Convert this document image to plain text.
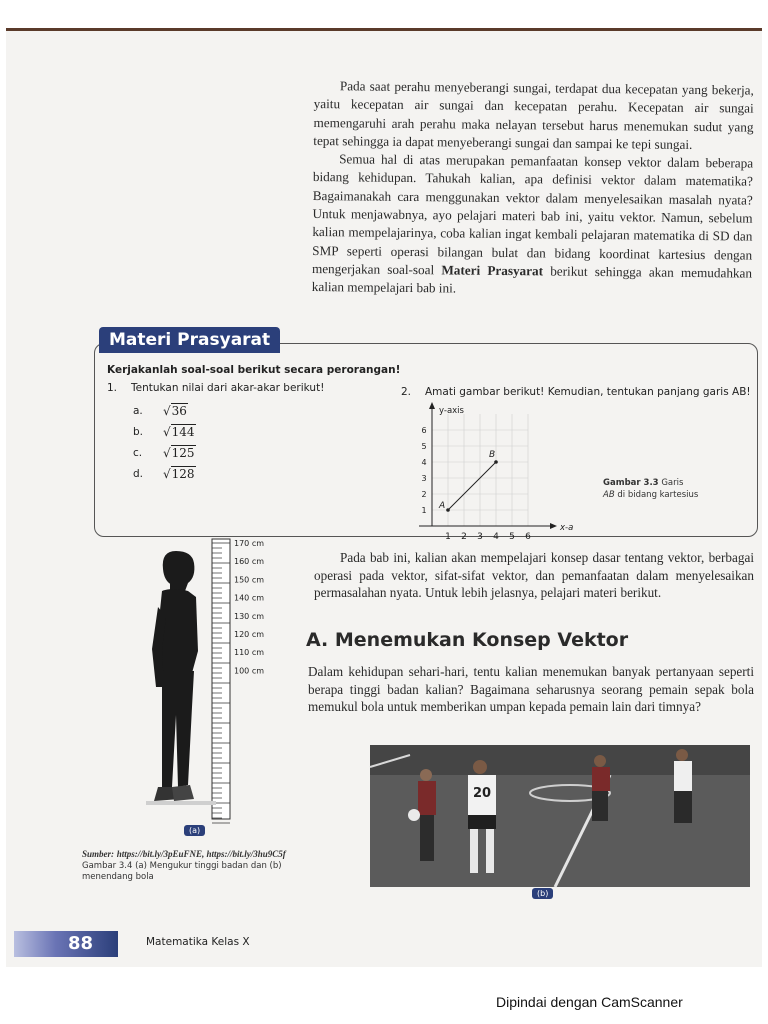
Pada saat perahu menyeberangi sungai, terdapat dua kecepatan yang bekerja, yaitu kecepatan air sungai dan kecepatan perahu. Kecepatan air sungai memengaruhi arah perahu maka nelayan tersebut harus menemukan sudut yang tepat sehingga ia dapat menyeberangi sungai dan sampai ke tepi sungai.

Semua hal di atas merupakan pemanfaatan konsep vektor dalam beberapa bidang kehidupan. Tahukah kalian, apa definisi vektor dalam matematika? Bagaimanakah cara menggunakan vektor dalam menyelesaikan masalah nyata? Untuk menjawabnya, ayo pelajari materi bab ini, yaitu vektor. Namun, sebelum kalian mempelajarinya, coba kalian ingat kembali pelajaran matematika di SD dan SMP seperti operasi bilangan bulat dan bidang koordinat kartesius dengan mengerjakan soal-soal Materi Prasyarat berikut sehingga akan memudahkan kalian mempelajari bab ini.

Materi Prasyarat
Kerjakanlah soal-soal berikut secara perorangan!
1. Tentukan nilai dari akar-akar berikut!
a.	√36
b.	√144
c.	√125
d.	√128
2. Amati gambar berikut! Kemudian, tentukan panjang garis AB!
y-axis
x-a
1 2 3 4 5 6
1
2
3
4
5
6
A
B
Gambar 3.3 Garis
AB di bidang kartesius
170 cm
160 cm
150 cm
140 cm
130 cm
120 cm
110 cm
100 cm
(a)
Sumber: https://bit.ly/3pEuFNE, https://bit.ly/3hu9C5f
Gambar 3.4 (a) Mengukur tinggi badan dan (b) menendang bola

Pada bab ini, kalian akan mempelajari konsep dasar tentang vektor, berbagai operasi pada vektor, sifat-sifat vektor, dan pemanfaatan dalam menyelesaikan permasalahan nyata. Untuk lebih jelasnya, pelajari materi berikut.

A. Menemukan Konsep Vektor

Dalam kehidupan sehari-hari, tentu kalian menemukan banyak pertanyaan seperti berapa tinggi badan kalian? Bagaimana seharusnya seorang pemain sepak bola memukul bola untuk memberikan umpan kepada pemain lain dari timnya?

20
(b)
88	Matematika Kelas X
Dipindai dengan CamScanner
